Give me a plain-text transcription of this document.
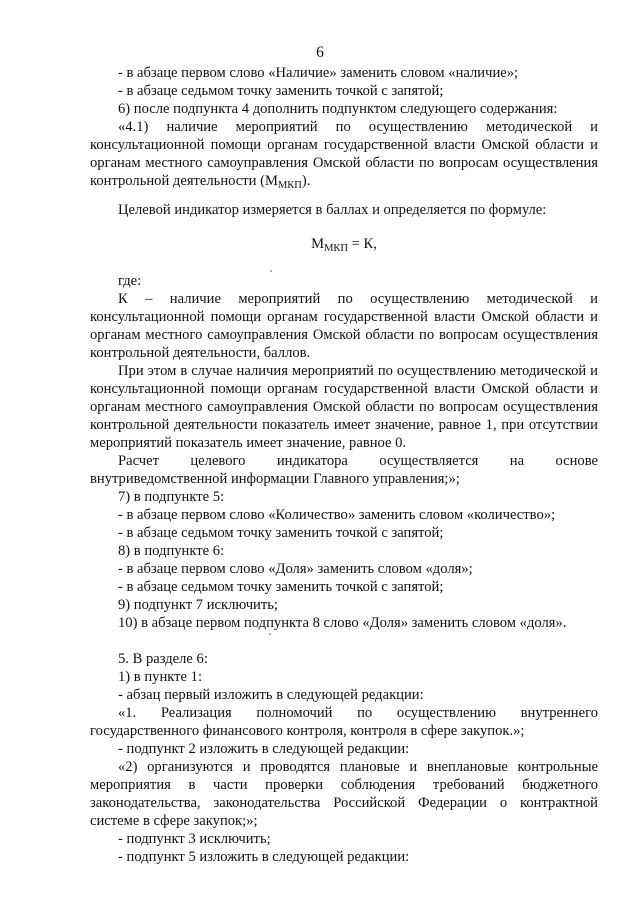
6

- в абзаце первом слово «Наличие» заменить словом «наличие»;

- в абзаце седьмом точку заменить точкой с запятой;

6) после подпункта 4 дополнить подпунктом следующего содержания:

«4.1) наличие мероприятий по осуществлению методической и консультационной помощи органам государственной власти Омской области и органам местного самоуправления Омской области по вопросам осуществления контрольной деятельности $(М_{МКП})$.

Целевой индикатор измеряется в баллах и определяется по формуле:

$М_{МКП} = К$,

где:

К – наличие мероприятий по осуществлению методической и консультационной помощи органам государственной власти Омской области и органам местного самоуправления Омской области по вопросам осуществления контрольной деятельности, баллов.

При этом в случае наличия мероприятий по осуществлению методической и консультационной помощи органам государственной власти Омской области и органам местного самоуправления Омской области по вопросам осуществления контрольной деятельности показатель имеет значение, равное 1, при отсутствии мероприятий показатель имеет значение, равное 0.

Расчет целевого индикатора осуществляется на основе внутриведомственной информации Главного управления;»;

7) в подпункте 5:

- в абзаце первом слово «Количество» заменить словом «количество»;

- в абзаце седьмом точку заменить точкой с запятой;

8) в подпункте 6:

- в абзаце первом слово «Доля» заменить словом «доля»;

- в абзаце седьмом точку заменить точкой с запятой;

9) подпункт 7 исключить;

10) в абзаце первом подпункта 8 слово «Доля» заменить словом «доля».

5. В разделе 6:

1) в пункте 1:

- абзац первый изложить в следующей редакции:

«1. Реализация полномочий по осуществлению внутреннего государственного финансового контроля, контроля в сфере закупок.»;

- подпункт 2 изложить в следующей редакции:

«2) организуются и проводятся плановые и внеплановые контрольные мероприятия в части проверки соблюдения требований бюджетного законодательства, законодательства Российской Федерации о контрактной системе в сфере закупок;»;

- подпункт 3 исключить;

- подпункт 5 изложить в следующей редакции:
